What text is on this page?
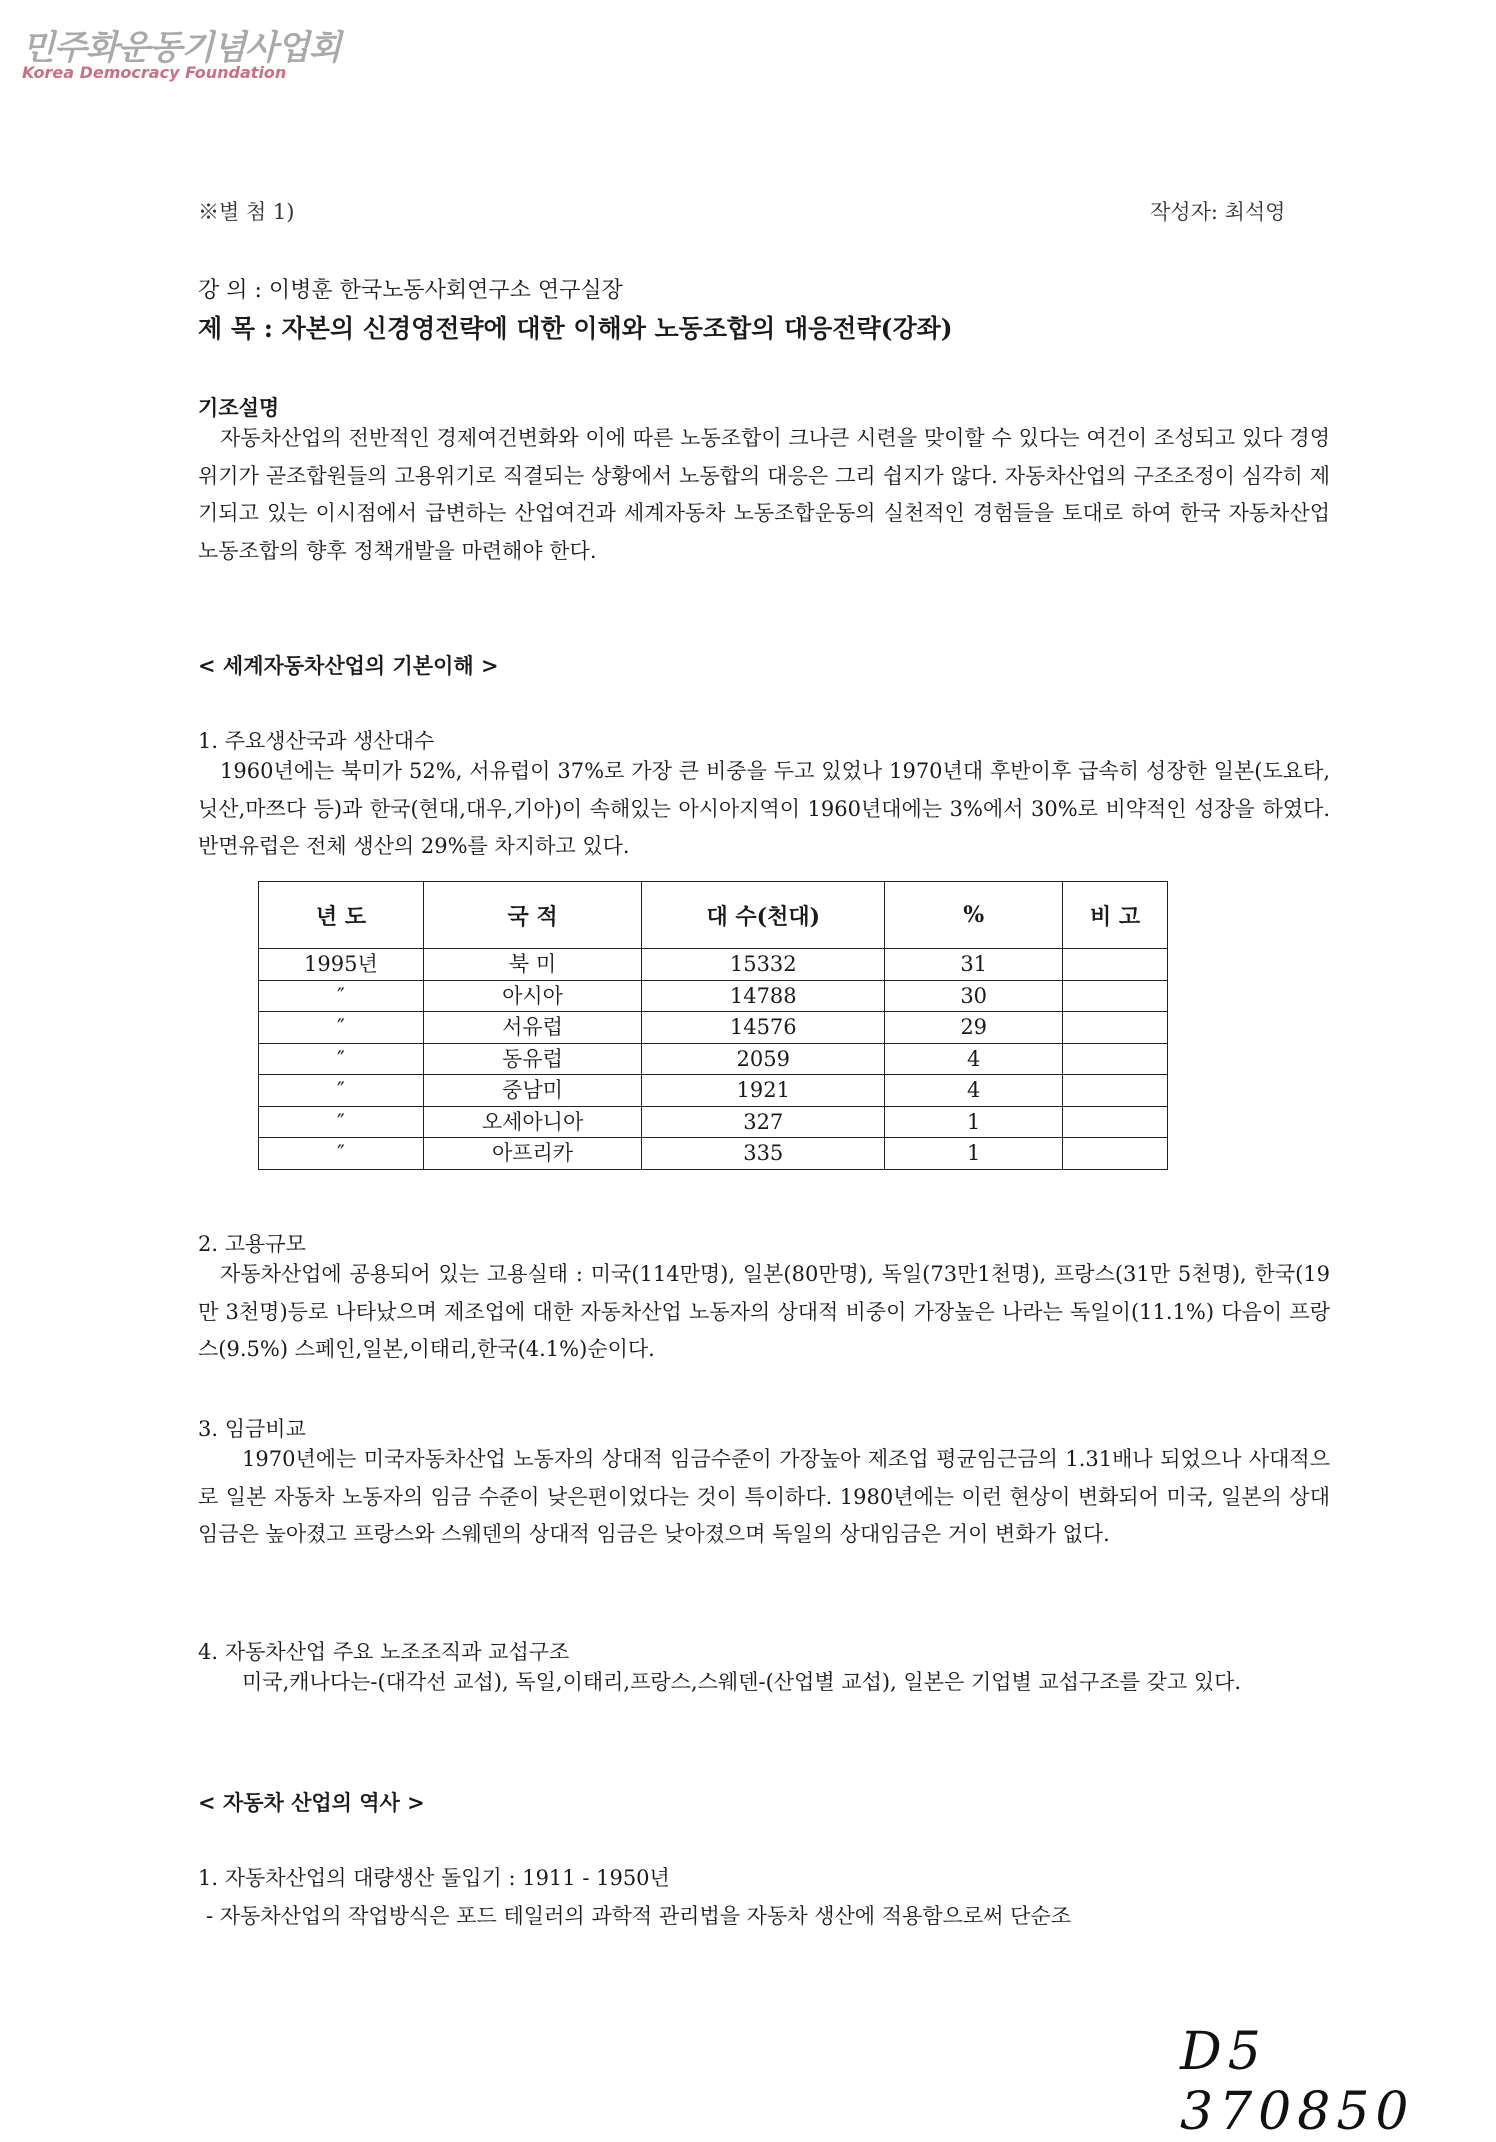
민주화운동기념사업회
Korea Democracy Foundation
※별 첨 1)	작성자: 최석영
강 의 : 이병훈 한국노동사회연구소 연구실장
제 목 : 자본의 신경영전략에 대한 이해와 노동조합의 대응전략(강좌)
기조설명
자동차산업의 전반적인 경제여건변화와 이에 따른 노동조합이 크나큰 시련을 맞이할 수 있다는 여건이 조성되고 있다 경영위기가 곧조합원들의 고용위기로 직결되는 상황에서 노동합의 대응은 그리 쉽지가 않다. 자동차산업의 구조조정이 심각히 제기되고 있는 이시점에서 급변하는 산업여건과 세계자동차 노동조합운동의 실천적인 경험들을 토대로 하여 한국 자동차산업 노동조합의 향후 정책개발을 마련해야 한다.
< 세계자동차산업의 기본이해 >
1. 주요생산국과 생산대수
1960년에는 북미가 52%, 서유럽이 37%로 가장 큰 비중을 두고 있었나 1970년대 후반이후 급속히 성장한 일본(도요타,닛산,마쯔다 등)과 한국(현대,대우,기아)이 속해있는 아시아지역이 1960년대에는 3%에서 30%로 비약적인 성장을 하였다. 반면유럽은 전체 생산의 29%를 차지하고 있다.
년 도	국 적	대 수(천대)	%	비 고
1995년	북 미	15332	31	
″	아시아	14788	30	
″	서유럽	14576	29	
″	동유럽	2059	4	
″	중남미	1921	4	
″	오세아니아	327	1	
″	아프리카	335	1	
2. 고용규모
자동차산업에 공용되어 있는 고용실태 : 미국(114만명), 일본(80만명), 독일(73만1천명), 프랑스(31만 5천명), 한국(19만 3천명)등로 나타났으며 제조업에 대한 자동차산업 노동자의 상대적 비중이 가장높은 나라는 독일이(11.1%) 다음이 프랑스(9.5%) 스페인,일본,이태리,한국(4.1%)순이다.
3. 임금비교
1970년에는 미국자동차산업 노동자의 상대적 임금수준이 가장높아 제조업 평균임근금의 1.31배나 되었으나 사대적으로 일본 자동차 노동자의 임금 수준이 낮은편이었다는 것이 특이하다. 1980년에는 이런 현상이 변화되어 미국, 일본의 상대임금은 높아졌고 프랑스와 스웨덴의 상대적 임금은 낮아졌으며 독일의 상대임금은 거이 변화가 없다.
4. 자동차산업 주요 노조조직과 교섭구조
미국,캐나다는-(대각선 교섭), 독일,이태리,프랑스,스웨덴-(산업별 교섭), 일본은 기업별 교섭구조를 갖고 있다.
< 자동차 산업의 역사 >
1. 자동차산업의 대량생산 돌입기 : 1911 - 1950년
- 자동차산업의 작업방식은 포드 테일러의 과학적 관리법을 자동차 생산에 적용함으로써 단순조
D5 370850
